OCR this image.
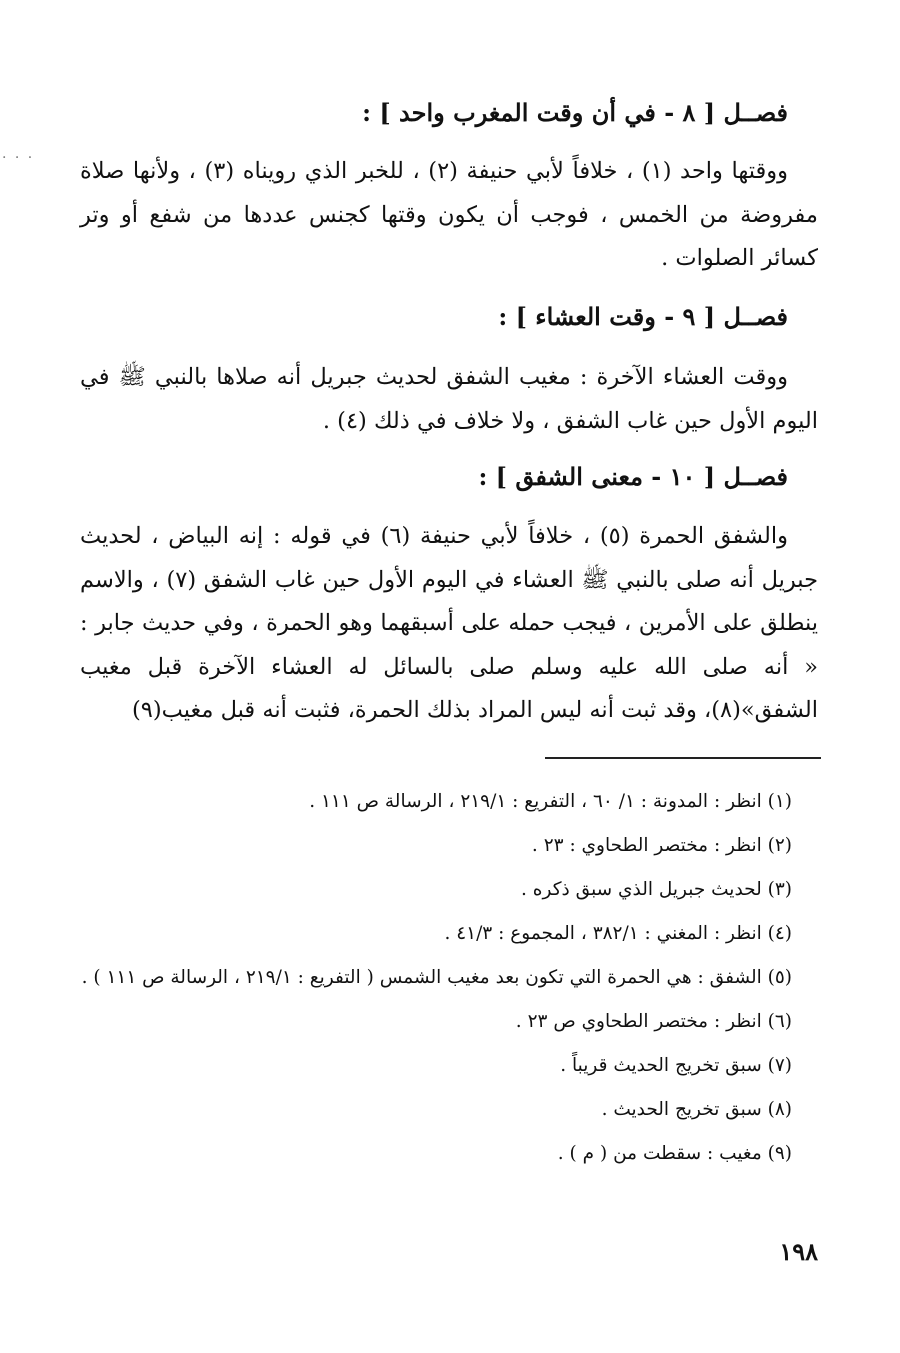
· · ·
فصــل [ ٨ - في أن وقت المغرب واحد ] :

ووقتها واحد (١) ، خلافاً لأبي حنيفة (٢) ، للخبر الذي رويناه (٣) ، ولأنها صلاة مفروضة من الخمس ، فوجب أن يكون وقتها كجنس عددها من شفع أو وتر كسائر الصلوات .

فصــل [ ٩ - وقت العشاء ] :

ووقت العشاء الآخرة : مغيب الشفق لحديث جبريل أنه صلاها بالنبي ﷺ في اليوم الأول حين غاب الشفق ، ولا خلاف في ذلك (٤) .

فصــل [ ١٠ - معنى الشفق ] :

والشفق الحمرة (٥) ، خلافاً لأبي حنيفة (٦) في قوله : إنه البياض ، لحديث جبريل أنه صلى بالنبي ﷺ العشاء في اليوم الأول حين غاب الشفق (٧) ، والاسم ينطلق على الأمرين ، فيجب حمله على أسبقهما وهو الحمرة ، وفي حديث جابر : « أنه صلى الله عليه وسلم صلى بالسائل له العشاء الآخرة قبل مغيب الشفق»(٨)، وقد ثبت أنه ليس المراد بذلك الحمرة، فثبت أنه قبل مغيب(٩)

(١) انظر : المدونة : ١/ ٦٠ ، التفريع : ٢١٩/١ ، الرسالة ص ١١١ .

(٢) انظر : مختصر الطحاوي : ٢٣ .

(٣) لحديث جبريل الذي سبق ذكره .

(٤) انظر : المغني : ٣٨٢/١ ، المجموع : ٤١/٣ .

(٥) الشفق : هي الحمرة التي تكون بعد مغيب الشمس ( التفريع : ٢١٩/١ ، الرسالة ص ١١١ ) .

(٦) انظر : مختصر الطحاوي ص ٢٣ .

(٧) سبق تخريج الحديث قريباً .

(٨) سبق تخريج الحديث .

(٩) مغيب : سقطت من ( م ) .

١٩٨
